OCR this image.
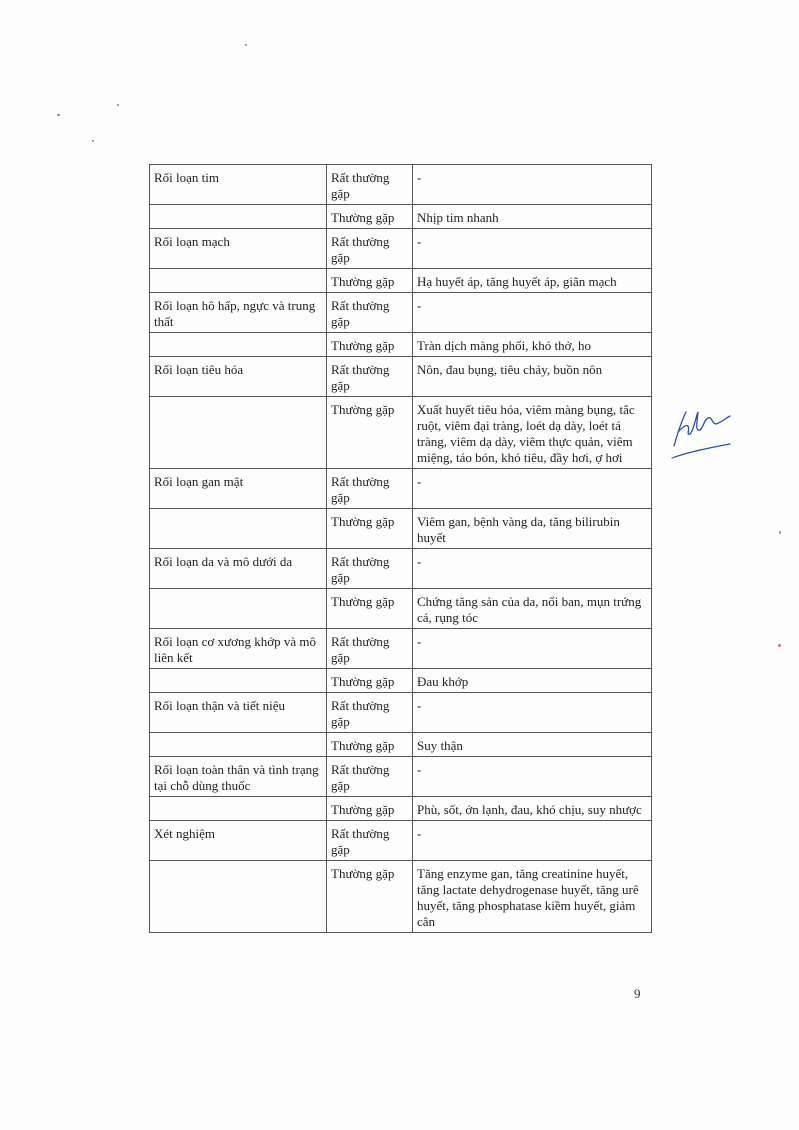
Rối loạn tim	Rất thường gặp	-
	Thường gặp	Nhịp tim nhanh
Rối loạn mạch	Rất thường gặp	-
	Thường gặp	Hạ huyết áp, tăng huyết áp, giãn mạch
Rối loạn hô hấp, ngực và trung thất	Rất thường gặp	-
	Thường gặp	Tràn dịch màng phổi, khó thở, ho
Rối loạn tiêu hóa	Rất thường gặp	Nôn, đau bụng, tiêu chảy, buồn nôn
	Thường gặp	Xuất huyết tiêu hóa, viêm màng bụng, tắc ruột, viêm đại tràng, loét dạ dày, loét tá tràng, viêm dạ dày, viêm thực quản, viêm miệng, táo bón, khó tiêu, đầy hơi, ợ hơi
Rối loạn gan mật	Rất thường gặp	-
	Thường gặp	Viêm gan, bệnh vàng da, tăng bilirubin huyết
Rối loạn da và mô dưới da	Rất thường gặp	-
	Thường gặp	Chứng tăng sản của da, nổi ban, mụn trứng cá, rụng tóc
Rối loạn cơ xương khớp và mô liên kết	Rất thường gặp	-
	Thường gặp	Đau khớp
Rối loạn thận và tiết niệu	Rất thường gặp	-
	Thường gặp	Suy thận
Rối loạn toàn thân và tình trạng tại chỗ dùng thuốc	Rất thường gặp	-
	Thường gặp	Phù, sốt, ớn lạnh, đau, khó chịu, suy nhược
Xét nghiệm	Rất thường gặp	-
	Thường gặp	Tăng enzyme gan, tăng creatinine huyết, tăng lactate dehydrogenase huyết, tăng urê huyết, tăng phosphatase kiềm huyết, giảm cân
9
